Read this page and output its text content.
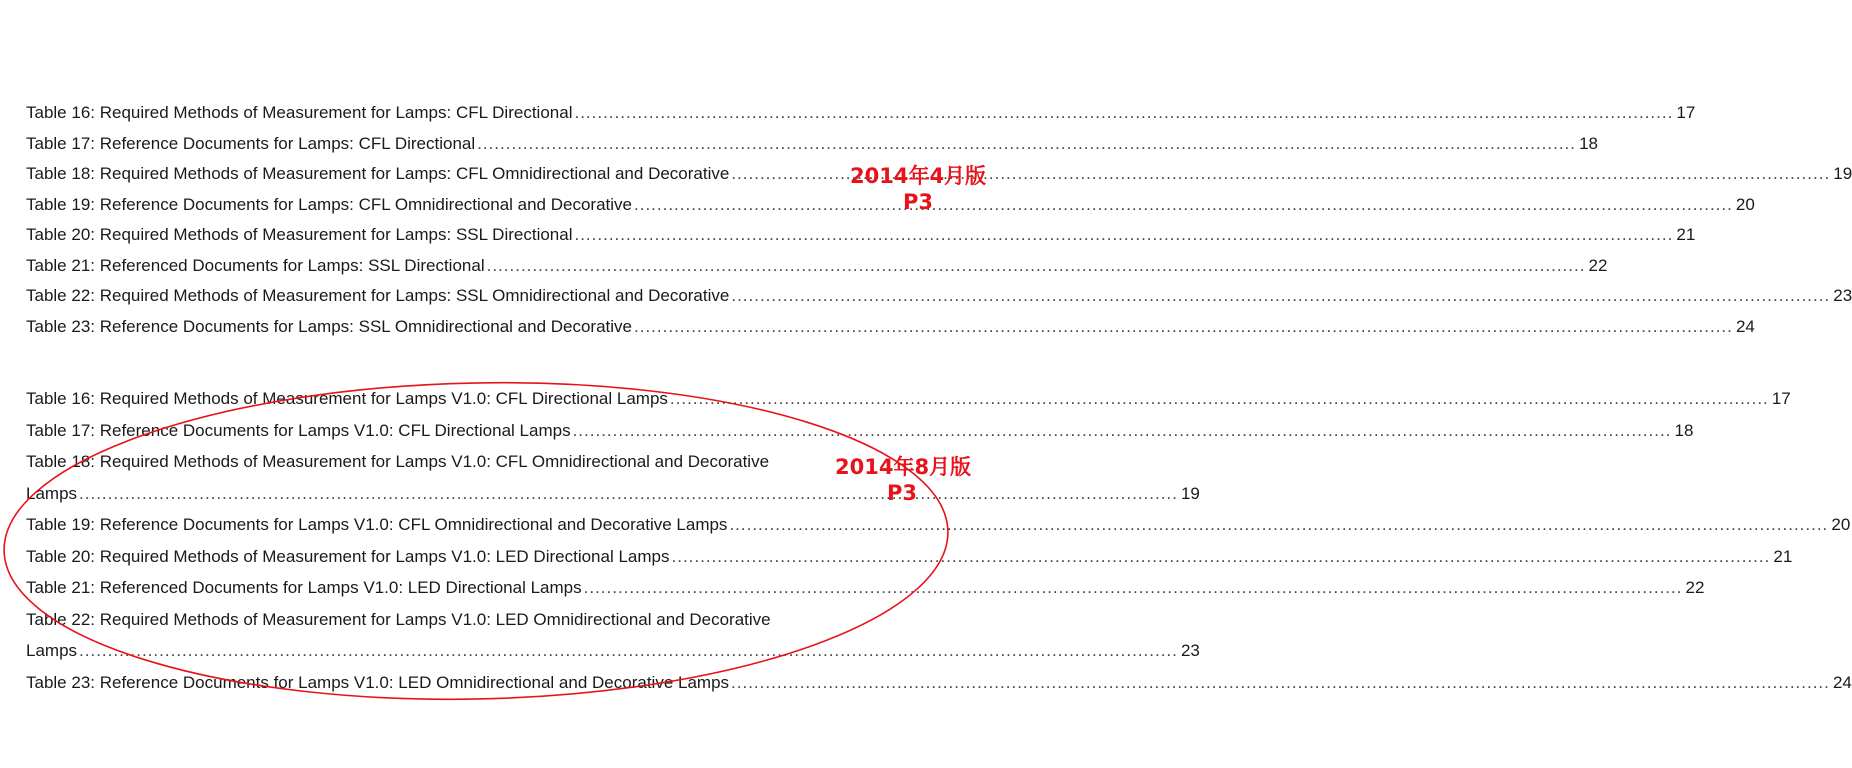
Table 16: Required Methods of Measurement for Lamps: CFL Directional .....	17
Table 17: Reference Documents for Lamps: CFL Directional .....	18
Table 18: Required Methods of Measurement for Lamps: CFL Omnidirectional and Decorative .....	19
Table 19: Reference Documents for Lamps: CFL Omnidirectional and Decorative .....	20
Table 20: Required Methods of Measurement for Lamps: SSL Directional .....	21
Table 21: Referenced Documents for Lamps: SSL Directional .....	22
Table 22: Required Methods of Measurement for Lamps: SSL Omnidirectional and Decorative .....	23
Table 23: Reference Documents for Lamps: SSL Omnidirectional and Decorative .....	24
Table 16: Required Methods of Measurement for Lamps V1.0: CFL Directional Lamps .....	17
Table 17: Reference Documents for Lamps V1.0: CFL Directional Lamps .....	18
Table 18: Required Methods of Measurement for Lamps V1.0: CFL Omnidirectional and Decorative
Lamps .....	19
Table 19: Reference Documents for Lamps V1.0: CFL Omnidirectional and Decorative Lamps .....	20
Table 20: Required Methods of Measurement for Lamps V1.0: LED Directional Lamps .....	21
Table 21: Referenced Documents for Lamps V1.0: LED Directional Lamps .....	22
Table 22: Required Methods of Measurement for Lamps V1.0: LED Omnidirectional and Decorative
Lamps .....	23
Table 23: Reference Documents for Lamps V1.0: LED Omnidirectional and Decorative Lamps .....	24
2014年4月版
P3
2014年8月版
P3
